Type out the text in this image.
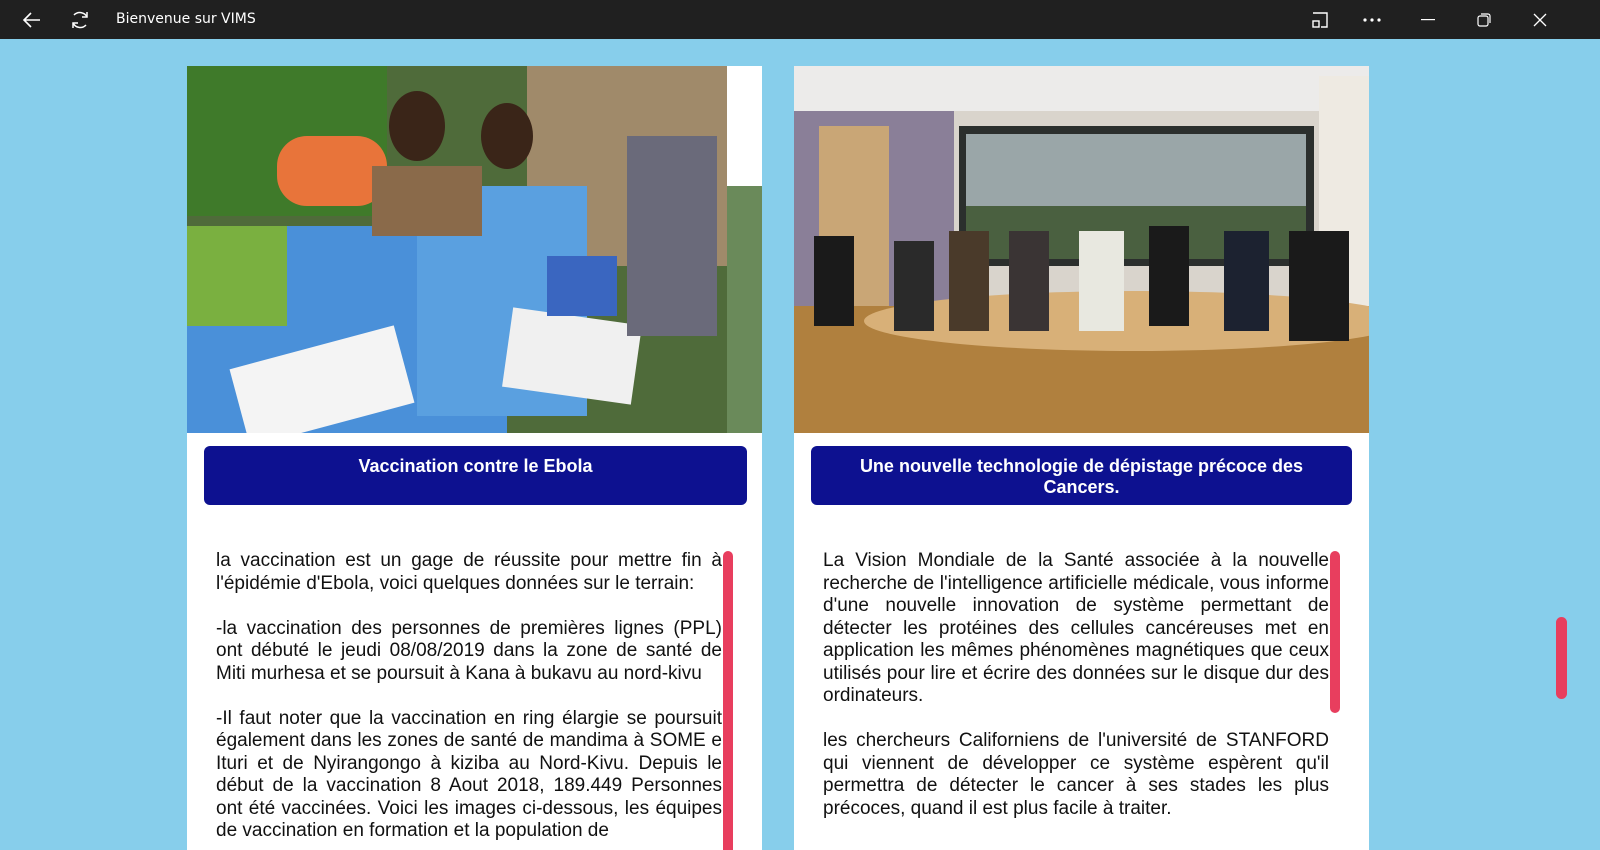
Bienvenue sur VIMS
Vaccination contre le Ebola

la vaccination est un gage de réussite pour mettre fin à l'épidémie d'Ebola, voici quelques données sur le terrain:

-la vaccination des personnes de premières lignes (PPL) ont débuté le jeudi 08/08/2019 dans la zone de santé de Miti murhesa et se poursuit à Kana à bukavu au nord-kivu

-Il faut noter que la vaccination en ring élargie se poursuit également dans les zones de santé de mandima à SOME e Ituri et de Nyirangongo à kiziba au Nord-Kivu. Depuis le début de la vaccination 8 Aout 2018, 189.449 Personnes ont été vaccinées. Voici les images ci-dessous, les équipes de vaccination en formation et la population de

Une nouvelle technologie de dépistage précoce des Cancers.

La Vision Mondiale de la Santé associée à la nouvelle recherche de l'intelligence artificielle médicale, vous informe d'une nouvelle innovation de système permettant de détecter les protéines des cellules cancéreuses met en application les mêmes phénomènes magnétiques que ceux utilisés pour lire et écrire des données sur le disque dur des ordinateurs.

les chercheurs Californiens de l'université de STANFORD qui viennent de développer ce système espèrent qu'il permettra de détecter le cancer à ses stades les plus précoces, quand il est plus facile à traiter.
